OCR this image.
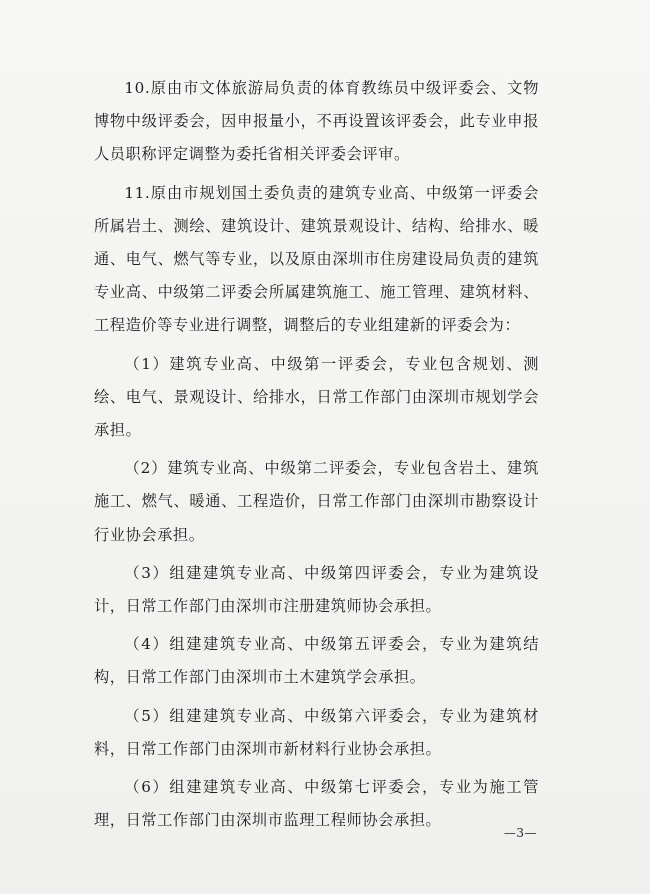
10.原由市文体旅游局负责的体育教练员中级评委会、文物博物中级评委会，因申报量小，不再设置该评委会，此专业申报人员职称评定调整为委托省相关评委会评审。

11.原由市规划国土委负责的建筑专业高、中级第一评委会所属岩土、测绘、建筑设计、建筑景观设计、结构、给排水、暖通、电气、燃气等专业，以及原由深圳市住房建设局负责的建筑专业高、中级第二评委会所属建筑施工、施工管理、建筑材料、工程造价等专业进行调整，调整后的专业组建新的评委会为：

（1）建筑专业高、中级第一评委会，专业包含规划、测绘、电气、景观设计、给排水，日常工作部门由深圳市规划学会承担。

（2）建筑专业高、中级第二评委会，专业包含岩土、建筑施工、燃气、暖通、工程造价，日常工作部门由深圳市勘察设计行业协会承担。

（3）组建建筑专业高、中级第四评委会，专业为建筑设计，日常工作部门由深圳市注册建筑师协会承担。

（4）组建建筑专业高、中级第五评委会，专业为建筑结构，日常工作部门由深圳市土木建筑学会承担。

（5）组建建筑专业高、中级第六评委会，专业为建筑材料，日常工作部门由深圳市新材料行业协会承担。

（6）组建建筑专业高、中级第七评委会，专业为施工管理，日常工作部门由深圳市监理工程师协会承担。

—3—
